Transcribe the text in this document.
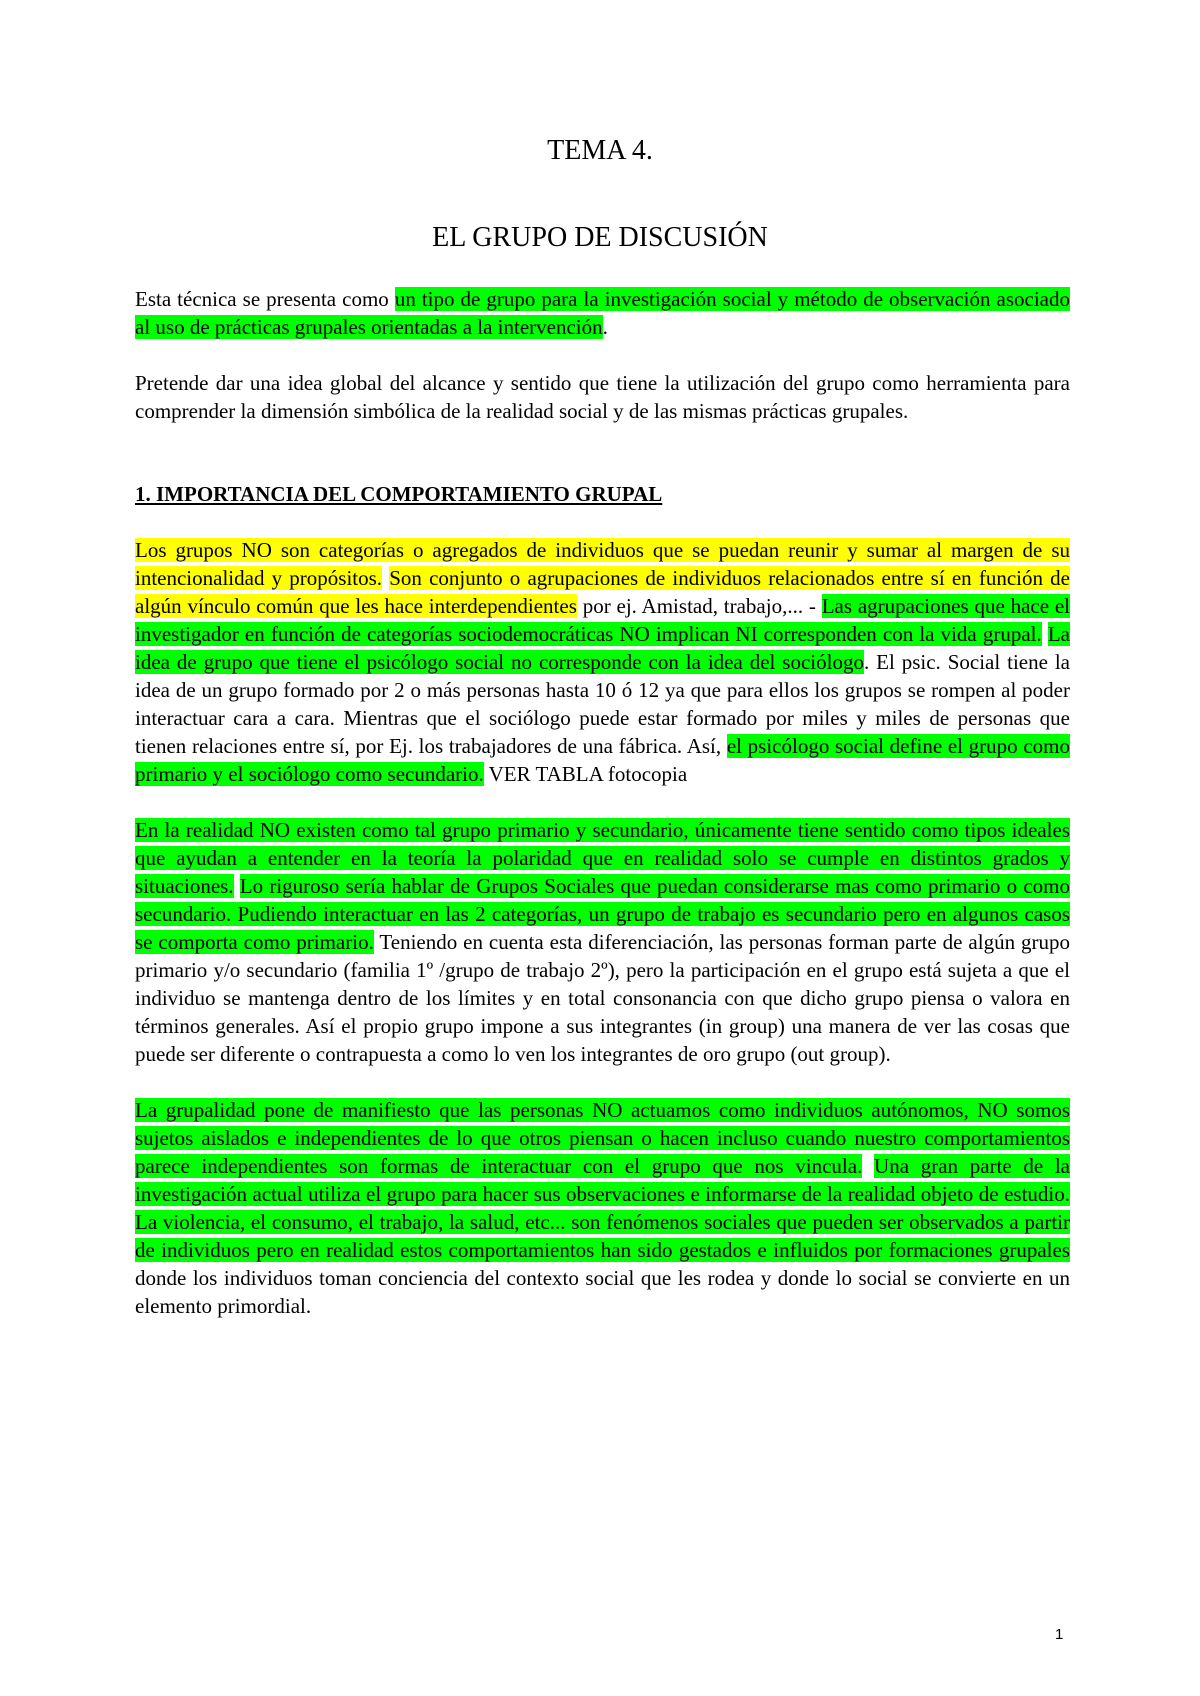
TEMA 4.
EL GRUPO DE DISCUSIÓN

Esta técnica se presenta como un tipo de grupo para la investigación social y método de observación asociado al uso de prácticas grupales orientadas a la intervención.

Pretende dar una idea global del alcance y sentido que tiene la utilización del grupo como herramienta para comprender la dimensión simbólica de la realidad social y de las mismas prácticas grupales.

1. IMPORTANCIA DEL COMPORTAMIENTO GRUPAL

Los grupos NO son categorías o agregados de individuos que se puedan reunir y sumar al margen de su intencionalidad y propósitos. Son conjunto o agrupaciones de individuos relacionados entre sí en función de algún vínculo común que les hace interdependientes por ej. Amistad, trabajo,... - Las agrupaciones que hace el investigador en función de categorías sociodemocráticas NO implican NI corresponden con la vida grupal. La idea de grupo que tiene el psicólogo social no corresponde con la idea del sociólogo. El psic. Social tiene la idea de un grupo formado por 2 o más personas hasta 10 ó 12 ya que para ellos los grupos se rompen al poder interactuar cara a cara. Mientras que el sociólogo puede estar formado por miles y miles de personas que tienen relaciones entre sí, por Ej. los trabajadores de una fábrica. Así, el psicólogo social define el grupo como primario y el sociólogo como secundario. VER TABLA fotocopia

En la realidad NO existen como tal grupo primario y secundario, únicamente tiene sentido como tipos ideales que ayudan a entender en la teoría la polaridad que en realidad solo se cumple en distintos grados y situaciones. Lo riguroso sería hablar de Grupos Sociales que puedan considerarse mas como primario o como secundario. Pudiendo interactuar en las 2 categorías, un grupo de trabajo es secundario pero en algunos casos se comporta como primario. Teniendo en cuenta esta diferenciación, las personas forman parte de algún grupo primario y/o secundario (familia 1º /grupo de trabajo 2º), pero la participación en el grupo está sujeta a que el individuo se mantenga dentro de los límites y en total consonancia con que dicho grupo piensa o valora en términos generales. Así el propio grupo impone a sus integrantes (in group) una manera de ver las cosas que puede ser diferente o contrapuesta a como lo ven los integrantes de oro grupo (out group).

La grupalidad pone de manifiesto que las personas NO actuamos como individuos autónomos, NO somos sujetos aislados e independientes de lo que otros piensan o hacen incluso cuando nuestro comportamientos parece independientes son formas de interactuar con el grupo que nos vincula. Una gran parte de la investigación actual utiliza el grupo para hacer sus observaciones e informarse de la realidad objeto de estudio. La violencia, el consumo, el trabajo, la salud, etc... son fenómenos sociales que pueden ser observados a partir de individuos pero en realidad estos comportamientos han sido gestados e influidos por formaciones grupales donde los individuos toman conciencia del contexto social que les rodea y donde lo social se convierte en un elemento primordial.

1
